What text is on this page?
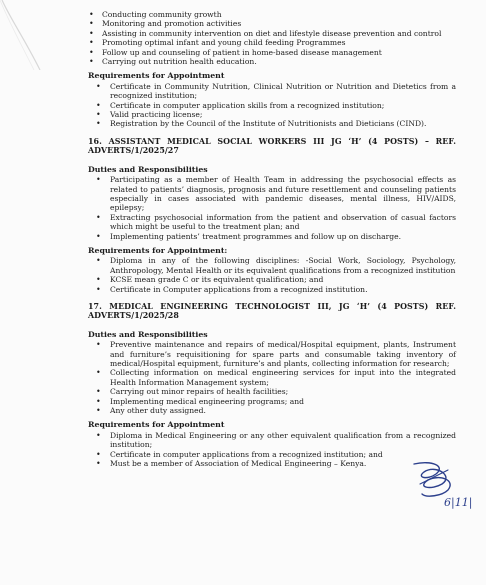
• Conducting community growth
• Monitoring and promotion activities
• Assisting in community intervention on diet and lifestyle disease prevention and control
• Promoting optimal infant and young child feeding Programmes
• Follow up and counseling of patient in home-based disease management
• Carrying out nutrition health education.
Requirements for Appointment
• Certificate in Community Nutrition, Clinical Nutrition or Nutrition and Dietetics from a recognized institution;
• Certificate in computer application skills from a recognized institution;
• Valid practicing license;
• Registration by the Council of the Institute of Nutritionists and Dieticians (CIND).
16. ASSISTANT MEDICAL SOCIAL WORKERS III JG ‘H’ (4 POSTS) – REF.
ADVERTS/1/2025/27
Duties and Responsibilities
• Participating as a member of Health Team in addressing the psychosocial effects as related to patients’ diagnosis, prognosis and future resettlement and counseling patients especially in cases associated with pandemic diseases, mental illness, HIV/AIDS, epilepsy;
• Extracting psychosocial information from the patient and observation of casual factors which might be useful to the treatment plan; and
• Implementing patients’ treatment programmes and follow up on discharge.
Requirements for Appointment:
• Diploma in any of the following disciplines: -Social Work, Sociology, Psychology, Anthropology, Mental Health or its equivalent qualifications from a recognized institution
• KCSE mean grade C or its equivalent qualification; and
• Certificate in Computer applications from a recognized institution.
17. MEDICAL ENGINEERING TECHNOLOGIST III, JG ‘H’ (4 POSTS) REF.
ADVERTS/1/2025/28
Duties and Responsibilities
• Preventive maintenance and repairs of medical/Hospital equipment, plants, Instrument and furniture’s requisitioning for spare parts and consumable taking inventory of medical/Hospital equipment, furniture’s and plants, collecting information for research;
• Collecting information on medical engineering services for input into the integrated Health Information Management system;
• Carrying out minor repairs of health facilities;
• Implementing medical engineering programs; and
• Any other duty assigned.
Requirements for Appointment
• Diploma in Medical Engineering or any other equivalent qualification from a recognized institution;
• Certificate in computer applications from a recognized institution; and
• Must be a member of Association of Medical Engineering – Kenya.
6|11|
